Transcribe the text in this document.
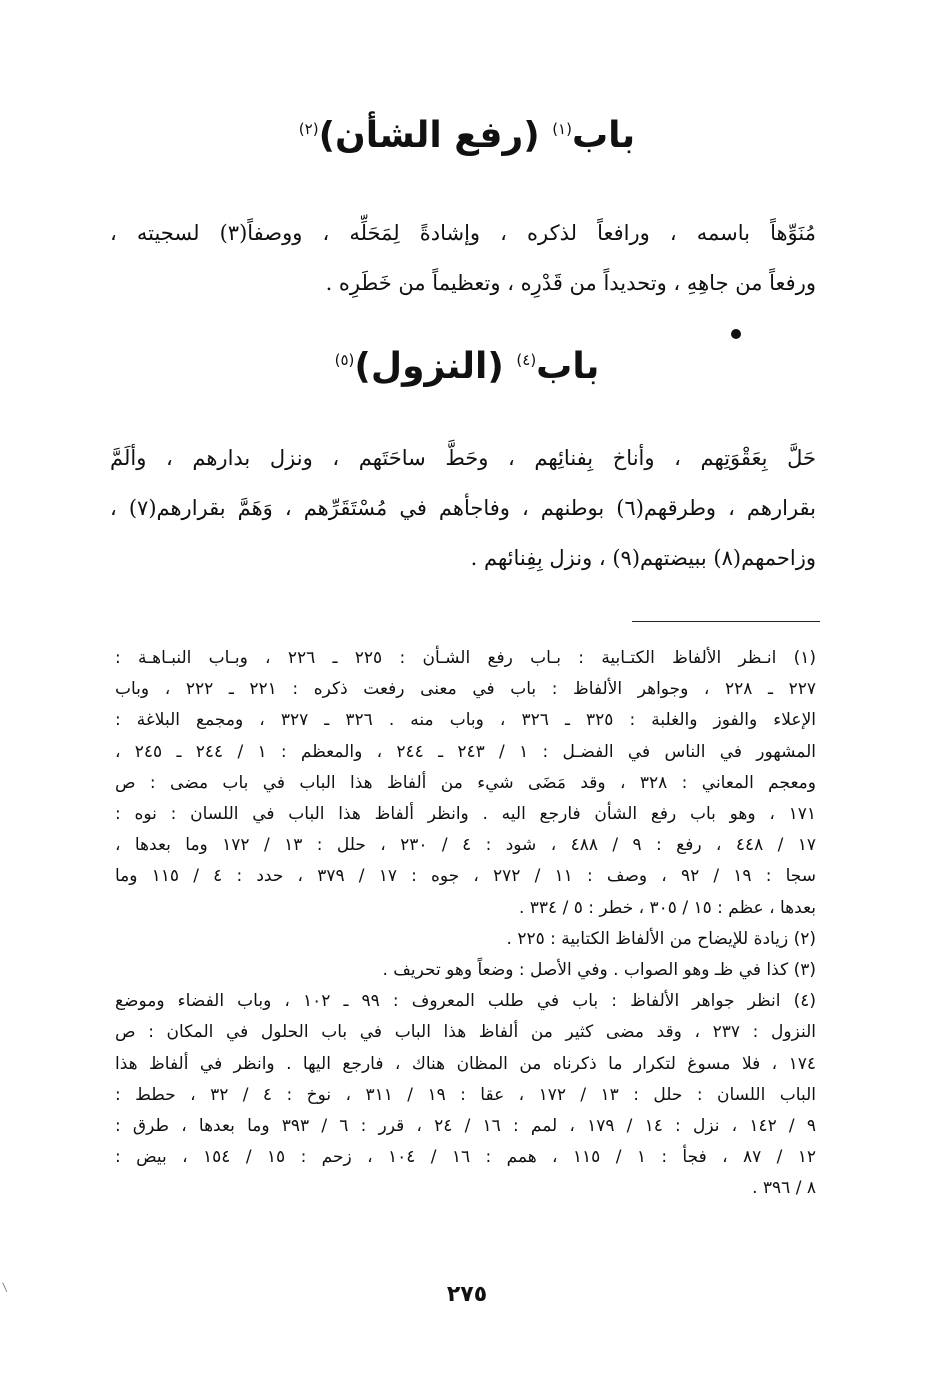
باب$^{(١)}$ (رفع الشأن)$^{(٢)}$
مُنَوِّهاً باسمه ، ورافعاً لذكره ، وإشادةً لِمَحَلِّه ، ووصفاً(٣) لسجيته ،
ورفعاً من جاهِهِ ، وتحديداً من قَدْرِه ، وتعظيماً من خَطَرِه .
باب$^{(٤)}$ (النزول)$^{(٥)}$
حَلَّ بِعَقْوَتِهم ، وأناخ بِفنائِهم ، وحَطَّ ساحَتَهم ، ونزل بدارهم ، وألَمَّ
بقرارهم ، وطرقهم(٦) بوطنهم ، وفاجأهم في مُسْتَقَرِّهم ، وَهَمَّ بقرارهم(٧) ،
وزاحمهم(٨) ببيضتهم(٩) ، ونزل بِفِنائهم .
(١) انـظر الألفاظ الكتـابية : بـاب رفع الشـأن : ٢٢٥ ـ ٢٢٦ ، وبـاب النبـاهـة :
٢٢٧ ـ ٢٢٨ ، وجواهر الألفاظ : باب في معنى رفعت ذكره : ٢٢١ ـ ٢٢٢ ، وباب
الإعلاء والفوز والغلبة : ٣٢٥ ـ ٣٢٦ ، وباب منه . ٣٢٦ ـ ٣٢٧ ، ومجمع البلاغة :
المشهور في الناس في الفضـل : ١ / ٢٤٣ ـ ٢٤٤ ، والمعظم : ١ / ٢٤٤ ـ ٢٤٥ ،
ومعجم المعاني : ٣٢٨ ، وقد مَضَى شيء من ألفاظ هذا الباب في باب مضى : ص
١٧١ ، وهو باب رفع الشأن فارجع اليه . وانظر ألفاظ هذا الباب في اللسان : نوه :
١٧ / ٤٤٨ ، رفع : ٩ / ٤٨٨ ، شود : ٤ / ٢٣٠ ، حلل : ١٣ / ١٧٢ وما بعدها ،
سجا : ١٩ / ٩٢ ، وصف : ١١ / ٢٧٢ ، جوه : ١٧ / ٣٧٩ ، حدد : ٤ / ١١٥ وما
بعدها ، عظم : ١٥ / ٣٠٥ ، خطر : ٥ / ٣٣٤ .
(٢) زيادة للإيضاح من الألفاظ الكتابية : ٢٢٥ .
(٣) كذا في ظـ وهو الصواب . وفي الأصل : وضعاً وهو تحريف .
(٤) انظر جواهر الألفاظ : باب في طلب المعروف : ٩٩ ـ ١٠٢ ، وباب الفضاء وموضع
النزول : ٢٣٧ ، وقد مضى كثير من ألفاظ هذا الباب في باب الحلول في المكان : ص
١٧٤ ، فلا مسوغ لتكرار ما ذكرناه من المظان هناك ، فارجع اليها . وانظر في ألفاظ هذا
الباب اللسان : حلل : ١٣ / ١٧٢ ، عقا : ١٩ / ٣١١ ، نوخ : ٤ / ٣٢ ، حطط :
٩ / ١٤٢ ، نزل : ١٤ / ١٧٩ ، لمم : ١٦ / ٢٤ ، قرر : ٦ / ٣٩٣ وما بعدها ، طرق :
١٢ / ٨٧ ، فجأ : ١ / ١١٥ ، همم : ١٦ / ١٠٤ ، زحم : ١٥ / ١٥٤ ، بيض :
٨ / ٣٩٦ .
٢٧٥
